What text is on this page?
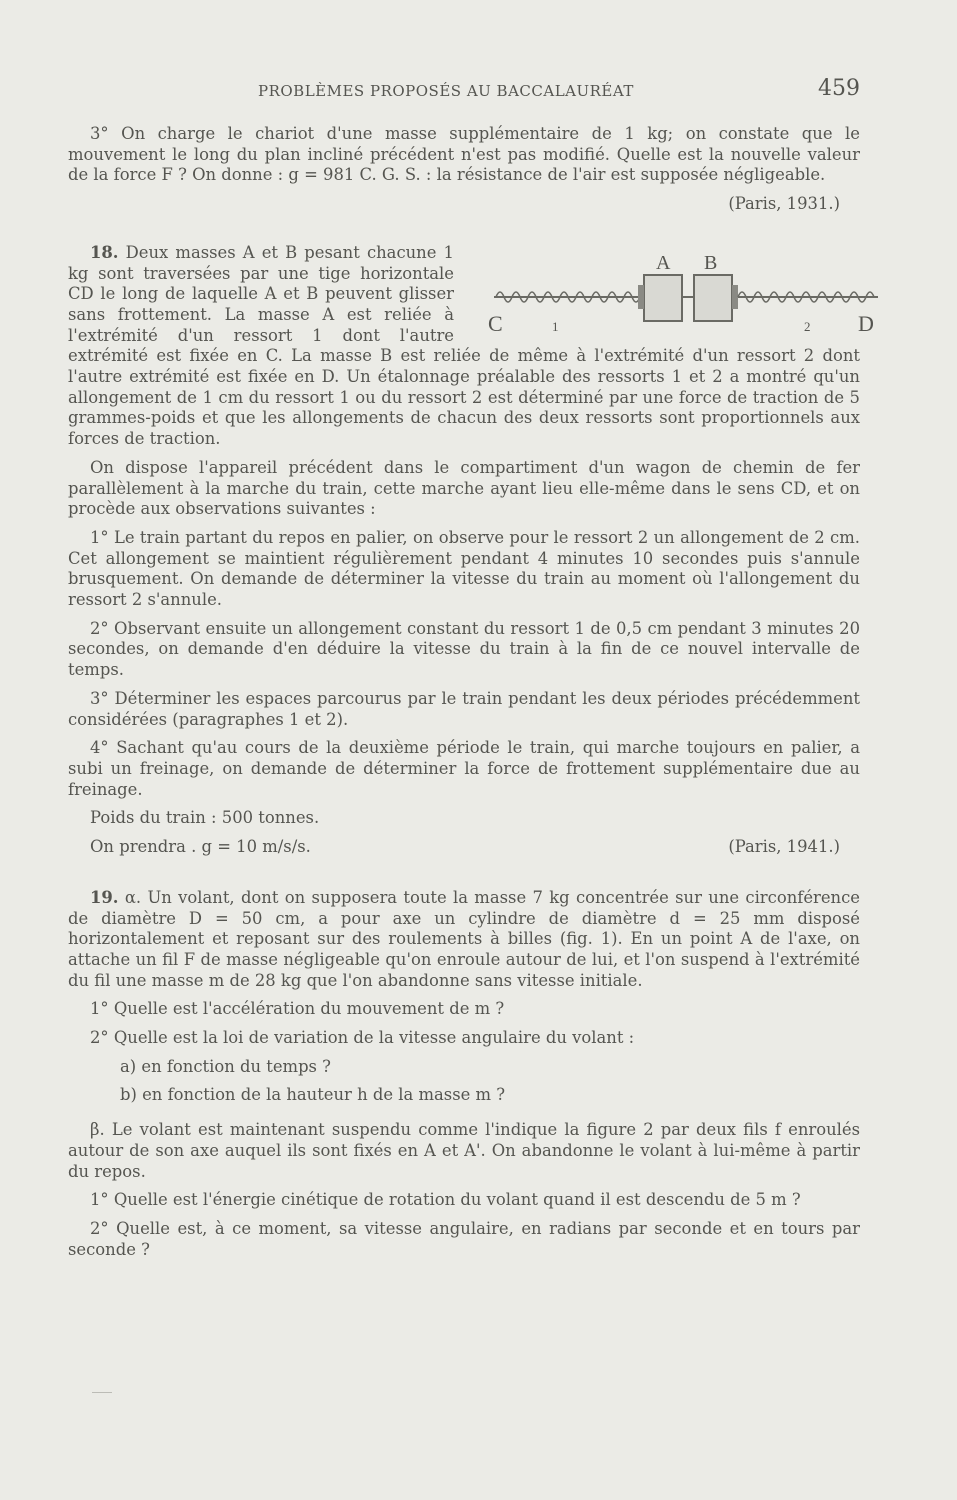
PROBLÈMES PROPOSÉS AU BACCALAURÉAT	459

3° On charge le chariot d'une masse supplémentaire de 1 kg; on constate que le mouvement le long du plan incliné précédent n'est pas modifié. Quelle est la nouvelle valeur de la force F ? On donne : g = 981 C. G. S. : la résistance de l'air est supposée négligeable.

(Paris, 1931.)

A B
C	D
1	2
18. Deux masses A et B pesant chacune 1 kg sont traversées par une tige horizontale CD le long de laquelle A et B peuvent glisser sans frottement. La masse A est reliée à l'extrémité d'un ressort 1 dont l'autre extrémité est fixée en C. La masse B est reliée de même à l'extrémité d'un ressort 2 dont l'autre extrémité est fixée en D. Un étalonnage préalable des ressorts 1 et 2 a montré qu'un allongement de 1 cm du ressort 1 ou du ressort 2 est déterminé par une force de traction de 5 grammes-poids et que les allongements de chacun des deux ressorts sont proportionnels aux forces de traction.

On dispose l'appareil précédent dans le compartiment d'un wagon de chemin de fer parallèlement à la marche du train, cette marche ayant lieu elle-même dans le sens CD, et on procède aux observations suivantes :

1° Le train partant du repos en palier, on observe pour le ressort 2 un allongement de 2 cm. Cet allongement se maintient régulièrement pendant 4 minutes 10 secondes puis s'annule brusquement. On demande de déterminer la vitesse du train au moment où l'allongement du ressort 2 s'annule.

2° Observant ensuite un allongement constant du ressort 1 de 0,5 cm pendant 3 minutes 20 secondes, on demande d'en déduire la vitesse du train à la fin de ce nouvel intervalle de temps.

3° Déterminer les espaces parcourus par le train pendant les deux périodes précédemment considérées (paragraphes 1 et 2).

4° Sachant qu'au cours de la deuxième période le train, qui marche toujours en palier, a subi un freinage, on demande de déterminer la force de frottement supplémentaire due au freinage.

Poids du train : 500 tonnes.

On prendra . g = 10 m/s/s.	(Paris, 1941.)

19. α. Un volant, dont on supposera toute la masse 7 kg concentrée sur une circonférence de diamètre D = 50 cm, a pour axe un cylindre de diamètre d = 25 mm disposé horizontalement et reposant sur des roulements à billes (fig. 1). En un point A de l'axe, on attache un fil F de masse négligeable qu'on enroule autour de lui, et l'on suspend à l'extrémité du fil une masse m de 28 kg que l'on abandonne sans vitesse initiale.

1° Quelle est l'accélération du mouvement de m ?

2° Quelle est la loi de variation de la vitesse angulaire du volant :

a) en fonction du temps ?

b) en fonction de la hauteur h de la masse m ?

β. Le volant est maintenant suspendu comme l'indique la figure 2 par deux fils f enroulés autour de son axe auquel ils sont fixés en A et A'. On abandonne le volant à lui-même à partir du repos.

1° Quelle est l'énergie cinétique de rotation du volant quand il est descendu de 5 m ?

2° Quelle est, à ce moment, sa vitesse angulaire, en radians par seconde et en tours par seconde ?
